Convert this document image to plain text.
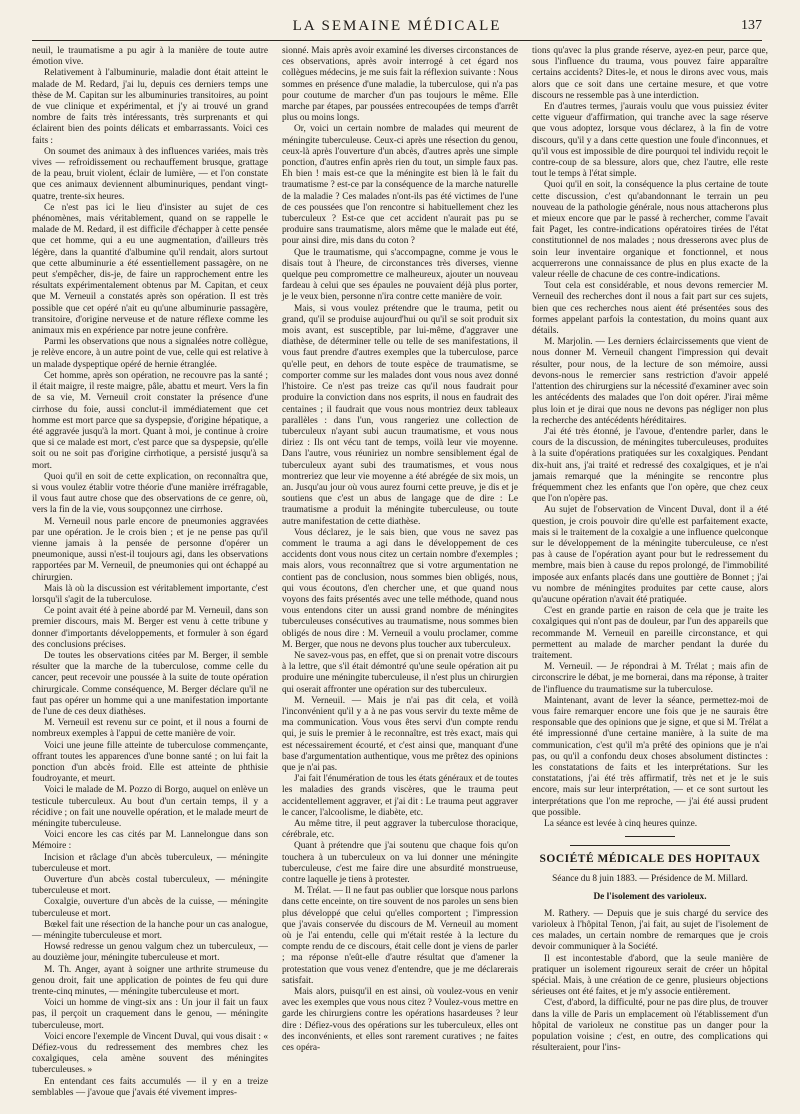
LA SEMAINE MÉDICALE	137

neuil, le traumatisme a pu agir à la manière de toute autre émotion vive.

Relativement à l'albuminurie, maladie dont était atteint le malade de M. Redard, j'ai lu, depuis ces derniers temps une thèse de M. Capitan sur les albuminuries transitoires, au point de vue clinique et expérimental, et j'y ai trouvé un grand nombre de faits très intéressants, très surprenants et qui éclairent bien des points délicats et embarrassants. Voici ces faits :

On soumet des animaux à des influences variées, mais très vives — refroidissement ou rechauffement brusque, grattage de la peau, bruit violent, éclair de lumière, — et l'on constate que ces animaux deviennent albuminuriques, pendant vingt-quatre, trente-six heures.

Ce n'est pas ici le lieu d'insister au sujet de ces phénomènes, mais véritablement, quand on se rappelle le malade de M. Redard, il est difficile d'échapper à cette pensée que cet homme, qui a eu une augmentation, d'ailleurs très légère, dans la quantité d'albumine qu'il rendait, alors surtout que cette albuminurie a été essentiellement passagère, on ne peut s'empêcher, dis-je, de faire un rapprochement entre les résultats expérimentalement obtenus par M. Capitan, et ceux que M. Verneuil a constatés après son opération. Il est très possible que cet opéré n'ait eu qu'une albuminurie passagère, transitoire, d'origine nerveuse et de nature réflexe comme les animaux mis en expérience par notre jeune confrère.

Parmi les observations que nous a signalées notre collègue, je relève encore, à un autre point de vue, celle qui est relative à un malade dyspeptique opéré de hernie étranglée.

Cet homme, après son opération, ne recouvre pas la santé ; il était maigre, il reste maigre, pâle, abattu et meurt. Vers la fin de sa vie, M. Verneuil croit constater la présence d'une cirrhose du foie, aussi conclut-il immédiatement que cet homme est mort parce que sa dyspepsie, d'origine hépatique, a été aggravée jusqu'à la mort. Quant à moi, je continue à croire que si ce malade est mort, c'est parce que sa dyspepsie, qu'elle soit ou ne soit pas d'origine cirrhotique, a persisté jusqu'à sa mort.

Quoi qu'il en soit de cette explication, on reconnaîtra que, si vous voulez établir votre théorie d'une manière irréfragable, il vous faut autre chose que des observations de ce genre, où, vers la fin de la vie, vous soupçonnez une cirrhose.

M. Verneuil nous parle encore de pneumonies aggravées par une opération. Je le crois bien ; et je ne pense pas qu'il vienne jamais à la pensée de personne d'opérer un pneumonique, aussi n'est-il toujours agi, dans les observations rapportées par M. Verneuil, de pneumonies qui ont échappé au chirurgien.

Mais là où la discussion est véritablement importante, c'est lorsqu'il s'agit de la tuberculose.

Ce point avait été à peine abordé par M. Verneuil, dans son premier discours, mais M. Berger est venu à cette tribune y donner d'importants développements, et formuler à son égard des conclusions précises.

De toutes les observations citées par M. Berger, il semble résulter que la marche de la tuberculose, comme celle du cancer, peut recevoir une poussée à la suite de toute opération chirurgicale. Comme conséquence, M. Berger déclare qu'il ne faut pas opérer un homme qui a une manifestation importante de l'une de ces deux diathèses.

M. Verneuil est revenu sur ce point, et il nous a fourni de nombreux exemples à l'appui de cette manière de voir.

Voici une jeune fille atteinte de tuberculose commençante, offrant toutes les apparences d'une bonne santé ; on lui fait la ponction d'un abcès froid. Elle est atteinte de phthisie foudroyante, et meurt.

Voici le malade de M. Pozzo di Borgo, auquel on enlève un testicule tuberculeux. Au bout d'un certain temps, il y a récidive ; on fait une nouvelle opération, et le malade meurt de méningite tuberculeuse.

Voici encore les cas cités par M. Lannelongue dans son Mémoire :

Incision et râclage d'un abcès tuberculeux, — méningite tuberculeuse et mort.

Ouverture d'un abcès costal tuberculeux, — méningite tuberculeuse et mort.

Coxalgie, ouverture d'un abcès de la cuisse, — méningite tuberculeuse et mort.

Bœkel fait une résection de la hanche pour un cas analogue, — méningite tuberculeuse et mort.

Howsé redresse un genou valgum chez un tuberculeux, — au douzième jour, méningite tuberculeuse et mort.

M. Th. Anger, ayant à soigner une arthrite strumeuse du genou droit, fait une application de pointes de feu qui dure trente-cinq minutes, — méningite tuberculeuse et mort.

Voici un homme de vingt-six ans : Un jour il fait un faux pas, il perçoit un craquement dans le genou, — méningite tuberculeuse, mort.

Voici encore l'exemple de Vincent Duval, qui vous disait : « Défiez-vous du redressement des membres chez les coxalgiques, cela amène souvent des méningites tuberculeuses. »

En entendant ces faits accumulés — il y en a treize semblables — j'avoue que j'avais été vivement impres-

sionné. Mais après avoir examiné les diverses circonstances de ces observations, après avoir interrogé à cet égard nos collègues médecins, je me suis fait la réflexion suivante : Nous sommes en présence d'une maladie, la tuberculose, qui n'a pas pour coutume de marcher d'un pas toujours le même. Elle marche par étapes, par poussées entrecoupées de temps d'arrêt plus ou moins longs.

Or, voici un certain nombre de malades qui meurent de méningite tuberculeuse. Ceux-ci après une résection du genou, ceux-là après l'ouverture d'un abcès, d'autres après une simple ponction, d'autres enfin après rien du tout, un simple faux pas. Eh bien ! mais est-ce que la méningite est bien là le fait du traumatisme ? est-ce par la conséquence de la marche naturelle de la maladie ? Ces malades n'ont-ils pas été victimes de l'une de ces poussées que l'on rencontre si habituellement chez les tuberculeux ? Est-ce que cet accident n'aurait pas pu se produire sans traumatisme, alors même que le malade eut été, pour ainsi dire, mis dans du coton ?

Que le traumatisme, qui s'accompagne, comme je vous le disais tout à l'heure, de circonstances très diverses, vienne quelque peu compromettre ce malheureux, ajouter un nouveau fardeau à celui que ses épaules ne pouvaient déjà plus porter, je le veux bien, personne n'ira contre cette manière de voir.

Mais, si vous voulez prétendre que le trauma, petit ou grand, qu'il se produise aujourd'hui ou qu'il se soit produit six mois avant, est susceptible, par lui-même, d'aggraver une diathèse, de déterminer telle ou telle de ses manifestations, il vous faut prendre d'autres exemples que la tuberculose, parce qu'elle peut, en dehors de toute espèce de traumatisme, se comporter comme sur les malades dont vous nous avez donné l'histoire. Ce n'est pas treize cas qu'il nous faudrait pour produire la conviction dans nos esprits, il nous en faudrait des centaines ; il faudrait que vous nous montriez deux tableaux parallèles : dans l'un, vous rangeriez une collection de tuberculeux n'ayant subi aucun traumatisme, et vous nous diriez : Ils ont vécu tant de temps, voilà leur vie moyenne. Dans l'autre, vous réuniriez un nombre sensiblement égal de tuberculeux ayant subi des traumatismes, et vous nous montreriez que leur vie moyenne a été abrégée de six mois, un an. Jusqu'au jour où vous aurez fourni cette preuve, je dis et je soutiens que c'est un abus de langage que de dire : Le traumatisme a produit la méningite tuberculeuse, ou toute autre manifestation de cette diathèse.

Vous déclarez, je le sais bien, que vous ne savez pas comment le trauma a agi dans le développement de ces accidents dont vous nous citez un certain nombre d'exemples ; mais alors, vous reconnaîtrez que si votre argumentation ne contient pas de conclusion, nous sommes bien obligés, nous, qui vous écoutons, d'en chercher une, et que quand nous voyons des faits présentés avec une telle méthode, quand nous vous entendons citer un aussi grand nombre de méningites tuberculeuses consécutives au traumatisme, nous sommes bien obligés de nous dire : M. Verneuil a voulu proclamer, comme M. Berger, que nous ne devons plus toucher aux tuberculeux.

Ne savez-vous pas, en effet, que si on prenait votre discours à la lettre, que s'il était démontré qu'une seule opération ait pu produire une méningite tuberculeuse, il n'est plus un chirurgien qui oserait affronter une opération sur des tuberculeux.

M. Verneuil. — Mais je n'ai pas dit cela, et voilà l'inconvénient qu'il y a à ne pas vous servir du texte même de ma communication. Vous vous êtes servi d'un compte rendu qui, je suis le premier à le reconnaître, est très exact, mais qui est nécessairement écourté, et c'est ainsi que, manquant d'une base d'argumentation authentique, vous me prêtez des opinions que je n'ai pas.

J'ai fait l'énumération de tous les états généraux et de toutes les maladies des grands viscères, que le trauma peut accidentellement aggraver, et j'ai dit : Le trauma peut aggraver le cancer, l'alcoolisme, le diabète, etc.

Au même titre, il peut aggraver la tuberculose thoracique, cérébrale, etc.

Quant à prétendre que j'ai soutenu que chaque fois qu'on touchera à un tuberculeux on va lui donner une méningite tuberculeuse, c'est me faire dire une absurdité monstrueuse, contre laquelle je tiens à protester.

M. Trélat. — Il ne faut pas oublier que lorsque nous parlons dans cette enceinte, on tire souvent de nos paroles un sens bien plus développé que celui qu'elles comportent ; l'impression que j'avais conservée du discours de M. Verneuil au moment où je l'ai entendu, celle qui m'était restée à la lecture du compte rendu de ce discours, était celle dont je viens de parler ; ma réponse n'eût-elle d'autre résultat que d'amener la protestation que vous venez d'entendre, que je me déclarerais satisfait.

Mais alors, puisqu'il en est ainsi, où voulez-vous en venir avec les exemples que vous nous citez ? Voulez-vous mettre en garde les chirurgiens contre les opérations hasardeuses ? leur dire : Défiez-vous des opérations sur les tuberculeux, elles ont des inconvénients, et elles sont rarement curatives ; ne faites ces opéra-

tions qu'avec la plus grande réserve, ayez-en peur, parce que, sous l'influence du trauma, vous pouvez faire apparaître certains accidents? Dites-le, et nous le dirons avec vous, mais alors que ce soit dans une certaine mesure, et que votre discours ne ressemble pas à une interdiction.

En d'autres termes, j'aurais voulu que vous puissiez éviter cette vigueur d'affirmation, qui tranche avec la sage réserve que vous adoptez, lorsque vous déclarez, à la fin de votre discours, qu'il y a dans cette question une foule d'inconnues, et qu'il vous est impossible de dire pourquoi tel individu reçoit le contre-coup de sa blessure, alors que, chez l'autre, elle reste tout le temps à l'état simple.

Quoi qu'il en soit, la conséquence la plus certaine de toute cette discussion, c'est qu'abandonnant le terrain un peu nouveau de la pathologie générale, nous nous attacherons plus et mieux encore que par le passé à rechercher, comme l'avait fait Paget, les contre-indications opératoires tirées de l'état constitutionnel de nos malades ; nous dresserons avec plus de soin leur inventaire organique et fonctionnel, et nous acquerrerons une connaissance de plus en plus exacte de la valeur réelle de chacune de ces contre-indications.

Tout cela est considérable, et nous devons remercier M. Verneuil des recherches dont il nous a fait part sur ces sujets, bien que ces recherches nous aient été présentées sous des formes appelant parfois la contestation, du moins quant aux détails.

M. Marjolin. — Les derniers éclaircissements que vient de nous donner M. Verneuil changent l'impression qui devait résulter, pour nous, de la lecture de son mémoire, aussi devons-nous le remercier sans restriction d'avoir appelé l'attention des chirurgiens sur la nécessité d'examiner avec soin les antécédents des malades que l'on doit opérer. J'irai même plus loin et je dirai que nous ne devons pas négliger non plus la recherche des antécédents héréditaires.

J'ai été très étonné, je l'avoue, d'entendre parler, dans le cours de la discussion, de méningites tuberculeuses, produites à la suite d'opérations pratiquées sur les coxalgiques. Pendant dix-huit ans, j'ai traité et redressé des coxalgiques, et je n'ai jamais remarqué que la méningite se rencontre plus fréquemment chez les enfants que l'on opère, que chez ceux que l'on n'opère pas.

Au sujet de l'observation de Vincent Duval, dont il a été question, je crois pouvoir dire qu'elle est parfaitement exacte, mais si le traitement de la coxalgie a une influence quelconque sur le développement de la méningite tuberculeuse, ce n'est pas à cause de l'opération ayant pour but le redressement du membre, mais bien à cause du repos prolongé, de l'immobilité imposée aux enfants placés dans une gouttière de Bonnet ; j'ai vu nombre de méningites produites par cette cause, alors qu'aucune opération n'avait été pratiquée.

C'est en grande partie en raison de cela que je traite les coxalgiques qui n'ont pas de douleur, par l'un des appareils que recommande M. Verneuil en pareille circonstance, et qui permettent au malade de marcher pendant la durée du traitement.

M. Verneuil. — Je répondrai à M. Trélat ; mais afin de circonscrire le débat, je me bornerai, dans ma réponse, à traiter de l'influence du traumatisme sur la tuberculose.

Maintenant, avant de lever la séance, permettez-moi de vous faire remarquer encore une fois que je ne saurais être responsable que des opinions que je signe, et que si M. Trélat a été impressionné d'une certaine manière, à la suite de ma communication, c'est qu'il m'a prêté des opinions que je n'ai pas, ou qu'il a confondu deux choses absolument distinctes : les constatations de faits et les interprétations. Sur les constatations, j'ai été très affirmatif, très net et je le suis encore, mais sur leur interprétation, — et ce sont surtout les interprétations que l'on me reproche, — j'ai été aussi prudent que possible.

La séance est levée à cinq heures quinze.

SOCIÉTÉ MÉDICALE DES HOPITAUX
Séance du 8 juin 1883. — Présidence de M. Millard.
De l'isolement des varioleux.

M. Rathery. — Depuis que je suis chargé du service des varioleux à l'hôpital Tenon, j'ai fait, au sujet de l'isolement de ces malades, un certain nombre de remarques que je crois devoir communiquer à la Société.

Il est incontestable d'abord, que la seule manière de pratiquer un isolement rigoureux serait de créer un hôpital spécial. Mais, à une création de ce genre, plusieurs objections sérieuses ont été faites, et je m'y associe entièrement.

C'est, d'abord, la difficulté, pour ne pas dire plus, de trouver dans la ville de Paris un emplacement où l'établissement d'un hôpital de varioleux ne constitue pas un danger pour la population voisine ; c'est, en outre, des complications qui résulteraient, pour l'ins-
